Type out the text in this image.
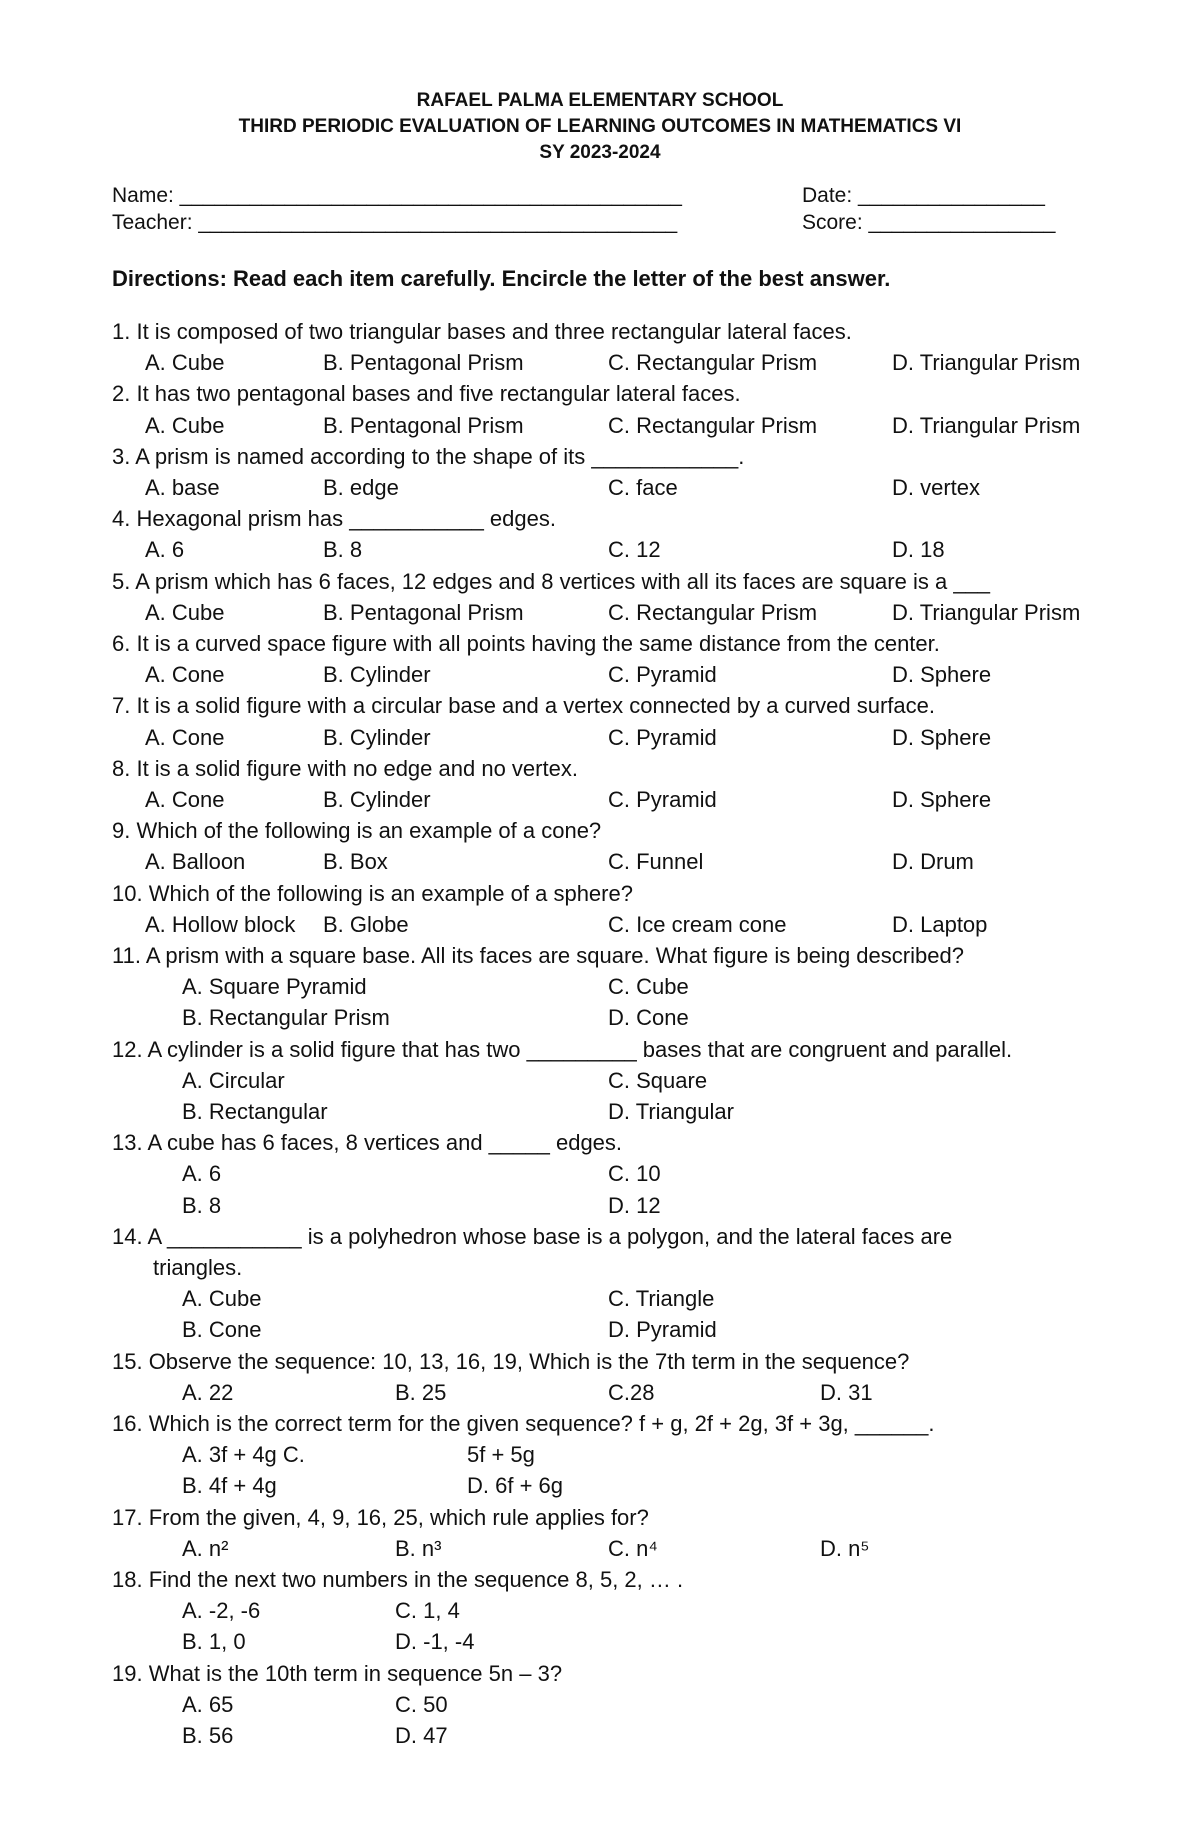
RAFAEL PALMA ELEMENTARY SCHOOL
THIRD PERIODIC EVALUATION OF LEARNING OUTCOMES IN MATHEMATICS VI
SY 2023-2024
Name: ___________________________________________	Date: ________________
Teacher: _________________________________________	Score: ________________
Directions: Read each item carefully. Encircle the letter of the best answer.
1. It is composed of two triangular bases and three rectangular lateral faces.
A. Cube	B. Pentagonal Prism	C. Rectangular Prism	D. Triangular Prism
2. It has two pentagonal bases and five rectangular lateral faces.
A. Cube	B. Pentagonal Prism	C. Rectangular Prism	D. Triangular Prism
3. A prism is named according to the shape of its ____________.
A. base	B. edge	C. face	D. vertex
4. Hexagonal prism has ___________ edges.
A. 6	B. 8	C. 12	D. 18
5. A prism which has 6 faces, 12 edges and 8 vertices with all its faces are square is a ___
A. Cube	B. Pentagonal Prism	C. Rectangular Prism	D. Triangular Prism
6. It is a curved space figure with all points having the same distance from the center.
A. Cone	B. Cylinder	C. Pyramid	D. Sphere
7. It is a solid figure with a circular base and a vertex connected by a curved surface.
A. Cone	B. Cylinder	C. Pyramid	D. Sphere
8. It is a solid figure with no edge and no vertex.
A. Cone	B. Cylinder	C. Pyramid	D. Sphere
9. Which of the following is an example of a cone?
A. Balloon	B. Box	C. Funnel	D. Drum
10. Which of the following is an example of a sphere?
A. Hollow block B. Globe	C. Ice cream cone	D. Laptop
11. A prism with a square base. All its faces are square. What figure is being described?
A. Square Pyramid	C. Cube
B. Rectangular Prism	D. Cone
12. A cylinder is a solid figure that has two _________ bases that are congruent and parallel.
A. Circular	C. Square
B. Rectangular	D. Triangular
13. A cube has 6 faces, 8 vertices and _____ edges.
A. 6	C. 10
B. 8	D. 12
14. A ___________ is a polyhedron whose base is a polygon, and the lateral faces are
triangles.
A. Cube	C. Triangle
B. Cone	D. Pyramid
15. Observe the sequence: 10, 13, 16, 19, Which is the 7th term in the sequence?
A. 22	B. 25	C.28	D. 31
16. Which is the correct term for the given sequence? f + g, 2f + 2g, 3f + 3g, ______.
A. 3f + 4g C.	5f + 5g
B. 4f + 4g	D. 6f + 6g
17. From the given, 4, 9, 16, 25, which rule applies for?
A. n²	B. n³	C. n⁴	D. n⁵
18. Find the next two numbers in the sequence 8, 5, 2, … .
A. -2, -6	C. 1, 4
B. 1, 0	D. -1, -4
19. What is the 10th term in sequence 5n – 3?
A. 65	C. 50
B. 56	D. 47
